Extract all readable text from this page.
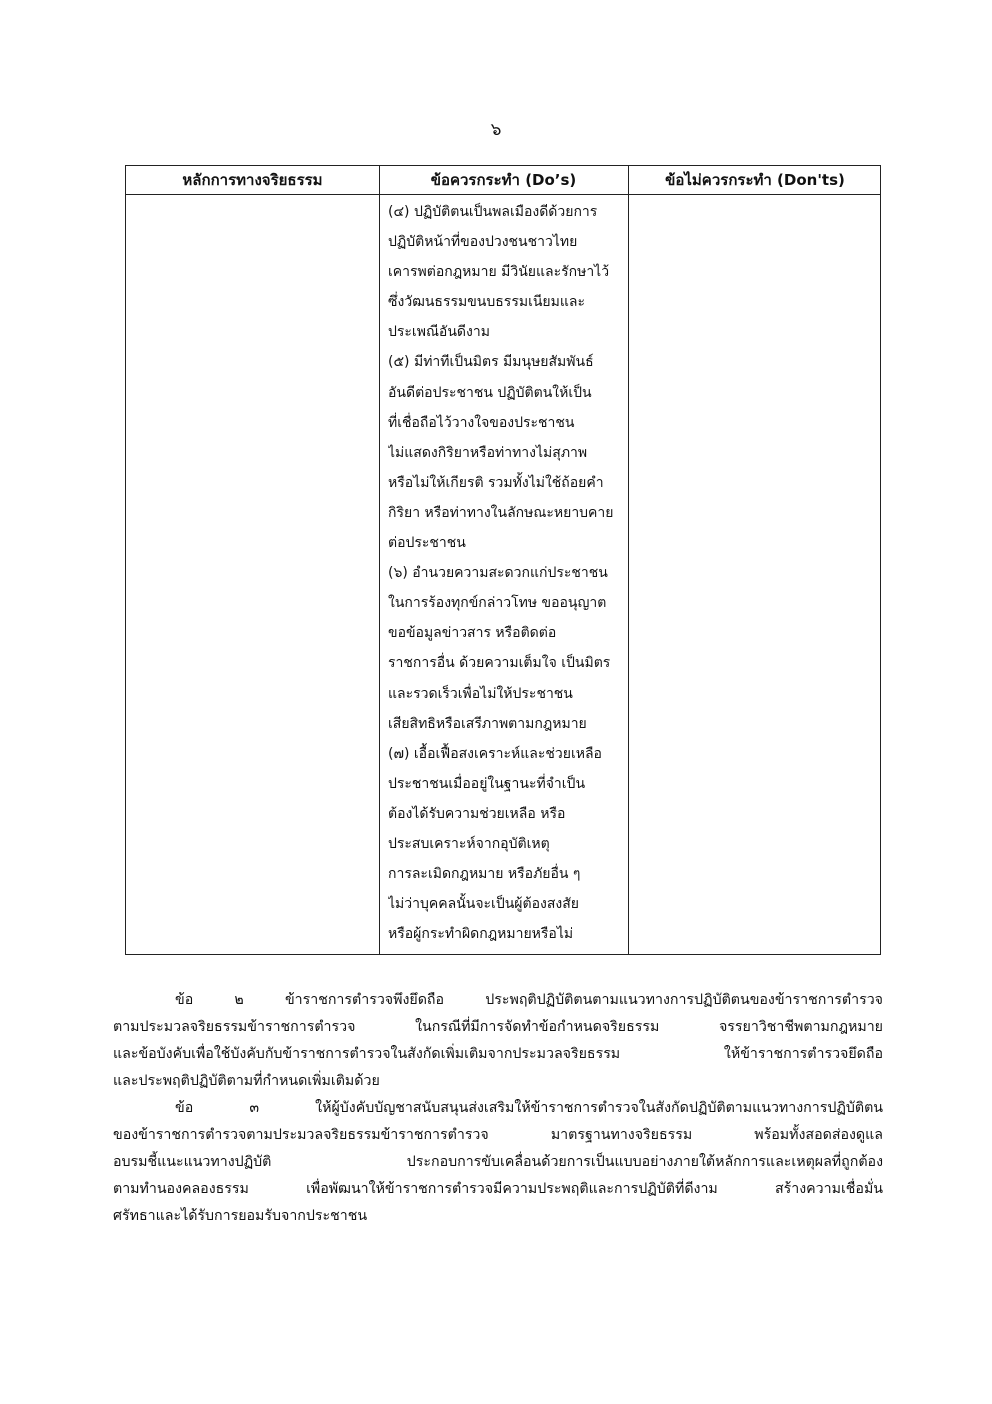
๖
หลักการทางจริยธรรม	ข้อควรกระทำ (Do’s)	ข้อไม่ควรกระทำ (Don'ts)
(๔) ปฏิบัติตนเป็นพลเมืองดีด้วยการ
ปฏิบัติหน้าที่ของปวงชนชาวไทย
เคารพต่อกฎหมาย มีวินัยและรักษาไว้
ซึ่งวัฒนธรรมขนบธรรมเนียมและ
ประเพณีอันดีงาม
(๕) มีท่าทีเป็นมิตร มีมนุษยสัมพันธ์
อันดีต่อประชาชน ปฏิบัติตนให้เป็น
ที่เชื่อถือไว้วางใจของประชาชน
ไม่แสดงกิริยาหรือท่าทางไม่สุภาพ
หรือไม่ให้เกียรติ รวมทั้งไม่ใช้ถ้อยคำ
กิริยา หรือท่าทางในลักษณะหยาบคาย
ต่อประชาชน
(๖) อำนวยความสะดวกแก่ประชาชน
ในการร้องทุกข์กล่าวโทษ ขออนุญาต
ขอข้อมูลข่าวสาร หรือติดต่อ
ราชการอื่น ด้วยความเต็มใจ เป็นมิตร
และรวดเร็วเพื่อไม่ให้ประชาชน
เสียสิทธิหรือเสรีภาพตามกฎหมาย
(๗) เอื้อเฟื้อสงเคราะห์และช่วยเหลือ
ประชาชนเมื่ออยู่ในฐานะที่จำเป็น
ต้องได้รับความช่วยเหลือ หรือ
ประสบเคราะห์จากอุบัติเหตุ
การละเมิดกฎหมาย หรือภัยอื่น ๆ
ไม่ว่าบุคคลนั้นจะเป็นผู้ต้องสงสัย
หรือผู้กระทำผิดกฎหมายหรือไม่
ข้อ ๒ ข้าราชการตำรวจพึงยึดถือ ประพฤติปฏิบัติตนตามแนวทางการปฏิบัติตนของข้าราชการตำรวจ
ตามประมวลจริยธรรมข้าราชการตำรวจ ในกรณีที่มีการจัดทำข้อกำหนดจริยธรรม จรรยาวิชาชีพตามกฎหมาย
และข้อบังคับเพื่อใช้บังคับกับข้าราชการตำรวจในสังกัดเพิ่มเติมจากประมวลจริยธรรม ให้ข้าราชการตำรวจยึดถือ
และประพฤติปฏิบัติตามที่กำหนดเพิ่มเติมด้วย
ข้อ ๓ ให้ผู้บังคับบัญชาสนับสนุนส่งเสริมให้ข้าราชการตำรวจในสังกัดปฏิบัติตามแนวทางการปฏิบัติตน
ของข้าราชการตำรวจตามประมวลจริยธรรมข้าราชการตำรวจ มาตรฐานทางจริยธรรม พร้อมทั้งสอดส่องดูแล
อบรมชี้แนะแนวทางปฏิบัติ ประกอบการขับเคลื่อนด้วยการเป็นแบบอย่างภายใต้หลักการและเหตุผลที่ถูกต้อง
ตามทำนองคลองธรรม เพื่อพัฒนาให้ข้าราชการตำรวจมีความประพฤติและการปฏิบัติที่ดีงาม สร้างความเชื่อมั่น
ศรัทธาและได้รับการยอมรับจากประชาชน
